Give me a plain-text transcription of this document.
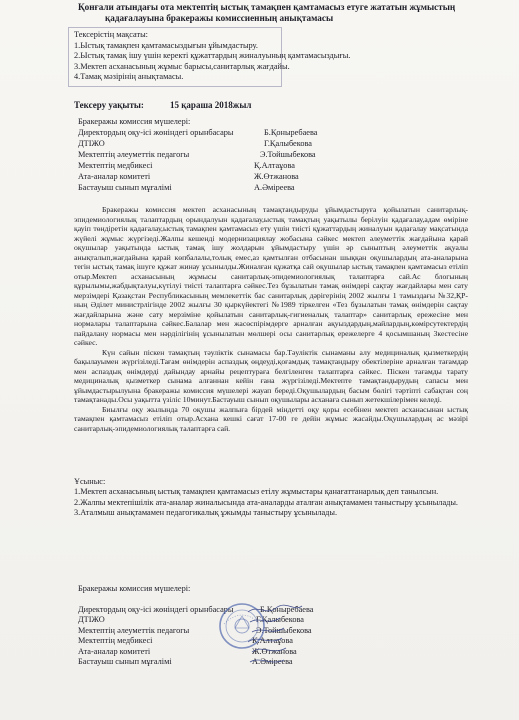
Қонғали атындағы ота мектептің ыстық тамақпен қамтамасыз етуге жататын жұмыстың
қадағалауына бракеражы комиссиенның анықтамасы
Тексерістің мақсаты:
1.Ыстық тамақпен қамтамасыздығын ұйымдастыру.
2.Ыстық тамақ ішу үшін керекті құжаттардың жиналуының қамтамасыздығы.
3.Мектеп асханасының жұмыс барысы,санитарлық жағдайы.
4.Тамақ мәзірінің анықтамасы.
Тексеру уақыты:	15 қараша 2018жыл
Бракеражы комиссия мүшелері:
Директордың оқу-ісі жөніндегі орынбасары	Б.Қоныребаева
ДТІЖО	Г.Қалыбекова
Мектептің әлеуметтік педагогы	Э.Тойшыбекова
Мектептің медбикесі	Қ.Алтаұова
Ата-аналар комитеті	Ж.Өтжанова
Бастауыш сынып мұғалімі	А.Әміреева

Бракеражы комиссия мектеп асханасының тамақтандыруды ұйымдастыруға қойылатын санитарлық-эпидемиологиялық талаптардың орындалуын қадағалау,ыстық тамақтың уақытылы берілуін қадағалау,адам өміріне қауіп төндіретін қадағалау,ыстық тамақпен қамтамасыз ету үшін тиісті құжаттардың жиналуын қадағалау мақсатында жүйелі жұмыс жүргізеді.Жалпы кешенді модернизациялау жобасына сәйкес мектеп әлеуметтік жағдайына қарай оқушылар уақытында ыстық тамақ ішу жолдарын ұйымдастыру үшін әр сыныптың әлеуметтік ақуалы анықталып,жағдайына қарай көпбалалы,толық емес,аз қамтылған отбасынан шыққан оқушылардың ата-аналарына тегін ыстық тамақ ішуге құжат жинау ұсынылды.Жиналған құжатқа сай оқушылар ыстық тамақпен қамтамасыз етіліп отыр.Мектеп асханасының жұмысы санитарлық-эпидемиологиялық талаптарға сай.Ас блогының құрылымы,жабдықталуы,күтілуі тиісті талаптарға сәйкес.Тез бұзылатын тамақ өнімдері сақтау жағдайлары мен сату мерзімдері Қазақстан Республикасының мемлекеттік бас санитарлық дәрігерінің 2002 жылғы 1 тамыздағы №32,ҚР-ның Әділет министрлігінде 2002 жылғы 30 қыркүйектегі №1989 тіркелген «Тез бұзылатын тамақ өнімдерін сақтау жағдайларына және сату мерзіміне қойылатын санитарлық-гигиеналық талаптар» санитарлық ережесіне мен нормалары талаптарына сәйкес.Балалар мен жасөспірімдерге арналған ақуыздардың,майлардың,көмірсутектердің пайдалану нормасы мен нәрділігінің ұсынылатын мөлшері осы санитарлық ережелерге 4 қосымшаның 3кестесіне сәйкес.

Күн сайын піскен тамақтың тәуліктік сынамасы бар.Тәуліктік сынаманы алу медициналық қызметкердің бақылауымен жүргізіледі.Тағам өнімдерін аспаздық өңдеуді,қоғамдық тамақтандыру обектілеріне арналған тағамдар мен аспаздық өнімдерді дайындау арнайы рецептураға белгіленген талаптарға сәйкес. Піскен тағамды тарату медициналық қызметкер сынама алғаннан кейін ғана жүргізіледі.Мектепте тамақтандырудың сапасы мен ұйымдастырылуына бракеражы комиссия мүшелері жауап береді.Оқушылардың басым бөлігі тәртіпті сабақтан соң тамақтанады.Осы уақытта үзіліс 10минут.Бастауыш сынып оқушылары асханаға сынып жетекшілерімен келеді.

Биылғы оқу жылында 70 оқушы жалпыға бірдей міндетті оқу қоры есебінен мектеп асханасынан ыстық тамақпен қамтамасыз етіліп отыр.Асхана кешкі сағат 17-00 ге дейін жұмыс жасайды.Оқушылардың ас мәзірі санитарлық-эпидемиологиялық талаптарға сай.

Ұсыныс:
1.Мектеп асханасының ыстық тамақпен қамтамасыз етілу жұмыстары қанағаттанарлық деп танылсын.
2.Жалпы мектепішілік ата-аналар жиналысында ата-аналарды аталған анықтамамен таныстыру ұсынылады.
3.Аталмыш анықтамамен педагогикалық ұжымды таныстыру ұсынылады.
Бракеражы комиссия мүшелері:
Директордың оқу-ісі жөніндегі орынбасары	Б.Қоныребаева
ДТІЖО	Г.Қалыбекова
Мектептің әлеуметтік педагогы	Э.Тойшыбекова
Мектептің медбикесі	Қ.Алтаұова
Ата-аналар комитеті	Ж.Өтжанова
Бастауыш сынып мұғалімі	А.Әміреева
